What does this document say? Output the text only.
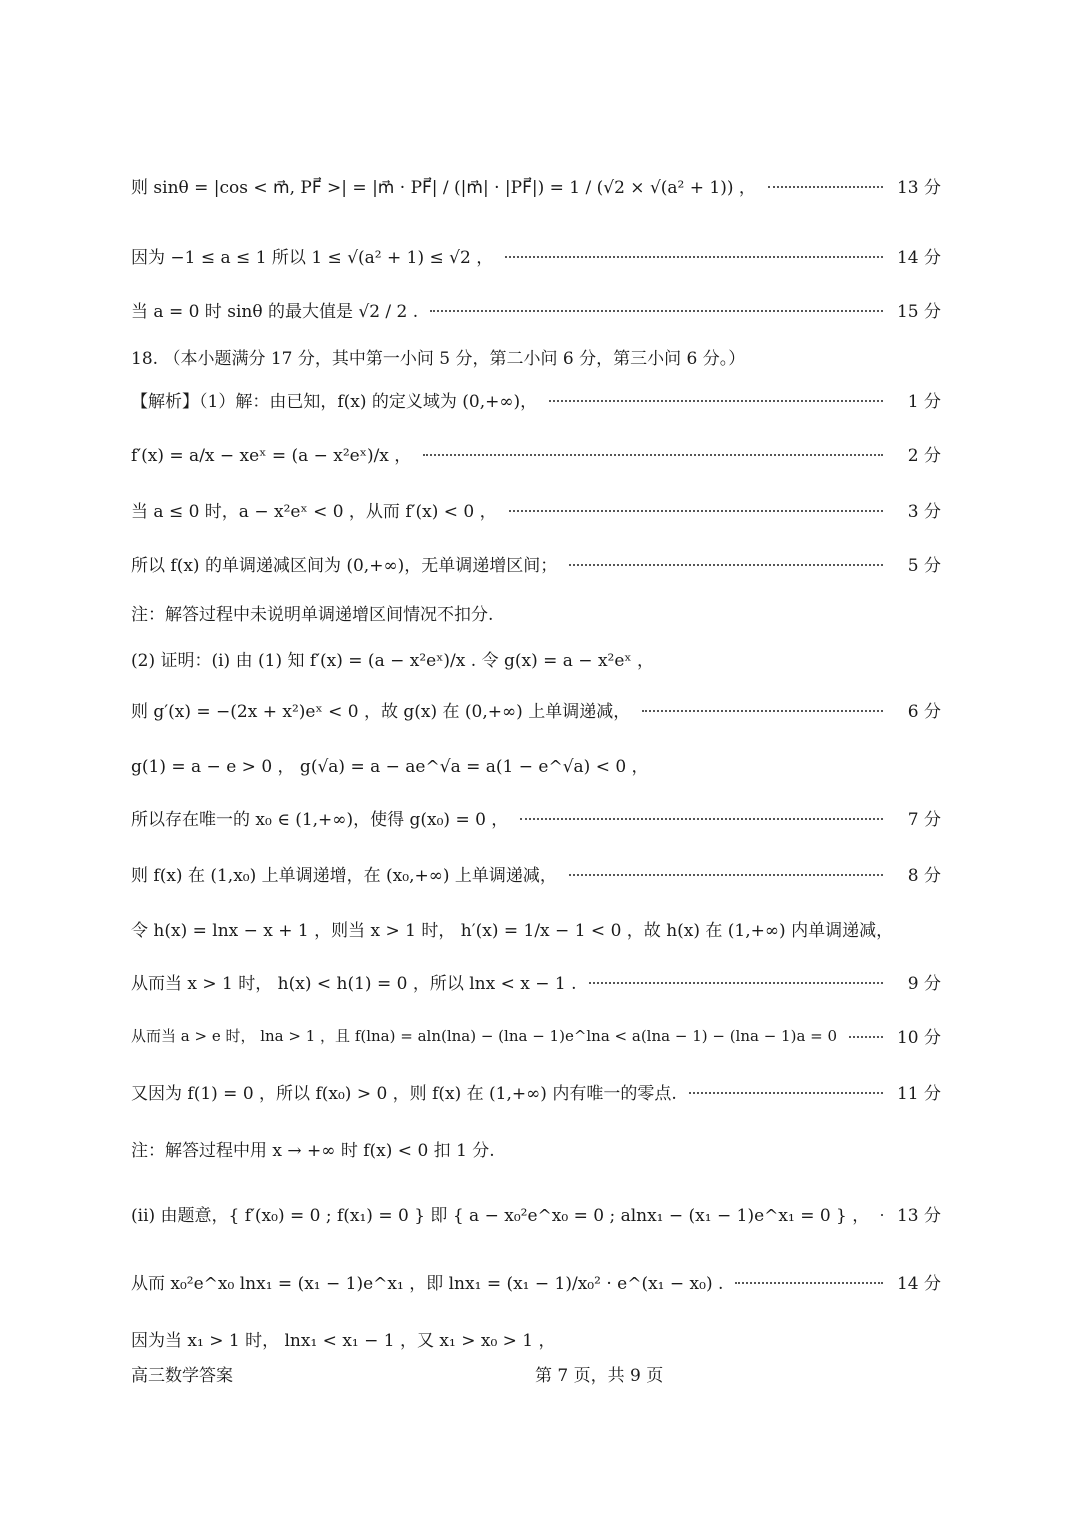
则 sinθ = |cos < m⃗, PF⃗ >| = |m⃗ · PF⃗| / (|m⃗| · |PF⃗|) = 1 / (√2 × √(a² + 1)) ，	13 分
因为 −1 ≤ a ≤ 1 所以 1 ≤ √(a² + 1) ≤ √2 ，	14 分
当 a = 0 时 sinθ 的最大值是 √2 / 2 .	15 分
18. （本小题满分 17 分，其中第一小问 5 分，第二小问 6 分，第三小问 6 分。）
【解析】（1）解：由已知，f(x) 的定义域为 (0,+∞)，	1 分
f′(x) = a/x − xeˣ = (a − x²eˣ)/x ，	2 分
当 a ≤ 0 时，a − x²eˣ < 0 ，从而 f′(x) < 0 ，	3 分
所以 f(x) 的单调递减区间为 (0,+∞)，无单调递增区间；	5 分
注：解答过程中未说明单调递增区间情况不扣分.
(2) 证明：(i) 由 (1) 知 f′(x) = (a − x²eˣ)/x . 令 g(x) = a − x²eˣ ，
则 g′(x) = −(2x + x²)eˣ < 0 ，故 g(x) 在 (0,+∞) 上单调递减，	6 分
g(1) = a − e > 0 ， g(√a) = a − ae^√a = a(1 − e^√a) < 0 ，
所以存在唯一的 x₀ ∈ (1,+∞)，使得 g(x₀) = 0 ，	7 分
则 f(x) 在 (1,x₀) 上单调递增，在 (x₀,+∞) 上单调递减，	8 分
令 h(x) = lnx − x + 1 ，则当 x > 1 时， h′(x) = 1/x − 1 < 0 ，故 h(x) 在 (1,+∞) 内单调递减，
从而当 x > 1 时， h(x) < h(1) = 0 ，所以 lnx < x − 1 .	9 分
从而当 a > e 时， lna > 1 ，且 f(lna) = aln(lna) − (lna − 1)e^lna < a(lna − 1) − (lna − 1)a = 0	10 分
又因为 f(1) = 0 ，所以 f(x₀) > 0 ，则 f(x) 在 (1,+∞) 内有唯一的零点.	11 分
注：解答过程中用 x → +∞ 时 f(x) < 0 扣 1 分.
(ii) 由题意，{ f′(x₀) = 0 ; f(x₁) = 0 } 即 { a − x₀²e^x₀ = 0 ; alnx₁ − (x₁ − 1)e^x₁ = 0 } ， 13 分
从而 x₀²e^x₀ lnx₁ = (x₁ − 1)e^x₁ ，即 lnx₁ = (x₁ − 1)/x₀² · e^(x₁ − x₀) .	14 分
因为当 x₁ > 1 时， lnx₁ < x₁ − 1 ，又 x₁ > x₀ > 1 ，
高三数学答案	第 7 页，共 9 页
